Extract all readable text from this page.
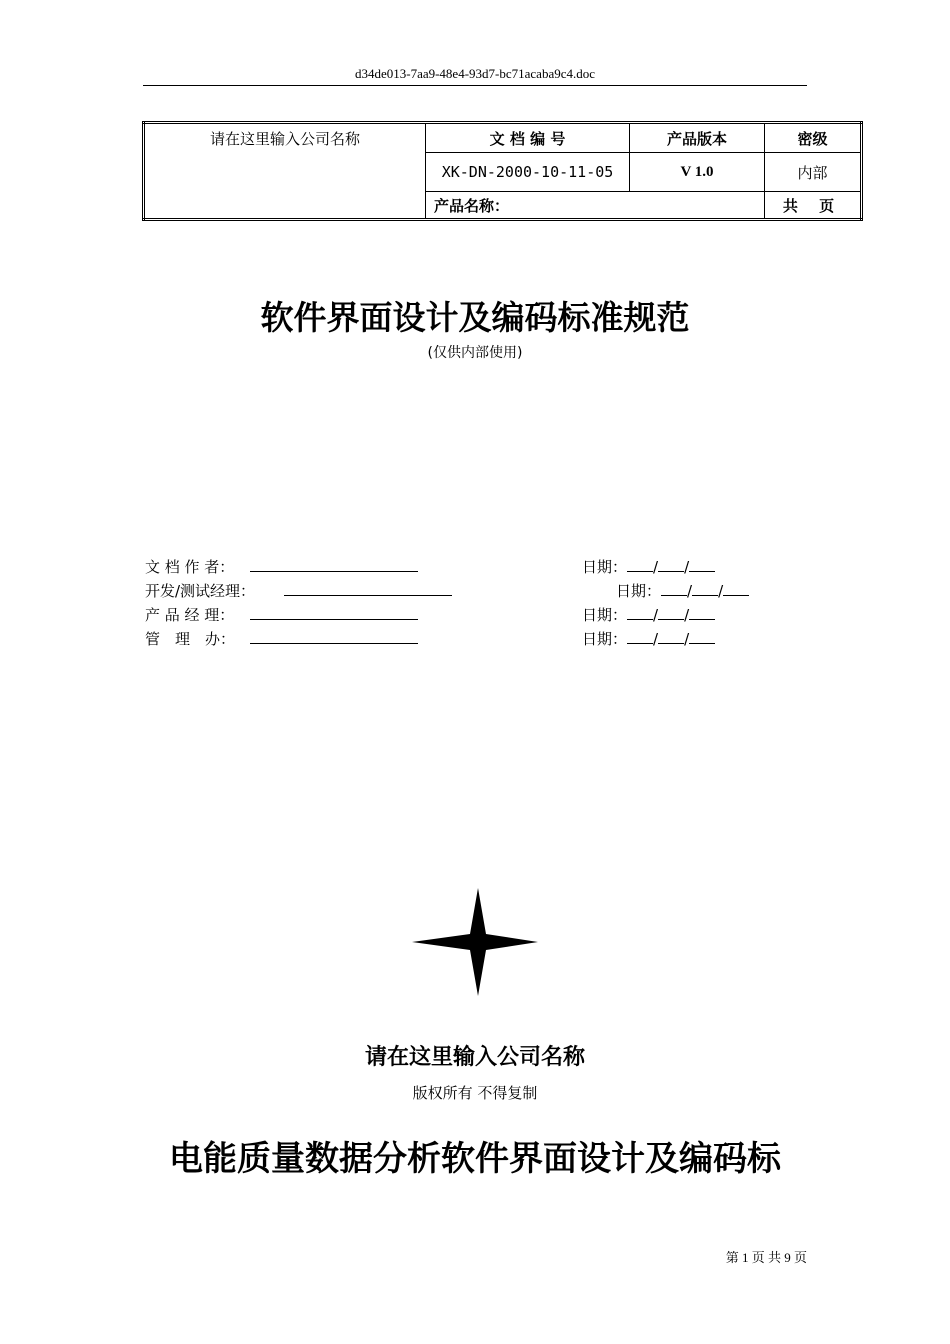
d34de013-7aa9-48e4-93d7-bc71acaba9c4.doc
请在这里输入公司名称	文 档 编 号	产品版本	密级
	XK-DN-2000-10-11-05	V 1.0	内部
	产品名称：		共 页
软件界面设计及编码标准规范
(仅供内部使用)
文 档 作 者：	日期： / /
开发/测试经理：	日期： / /
产 品 经 理：	日期： / /
管　理　办：	日期： / /
请在这里输入公司名称
版权所有 不得复制
电能质量数据分析软件界面设计及编码标
第 1 页 共 9 页
